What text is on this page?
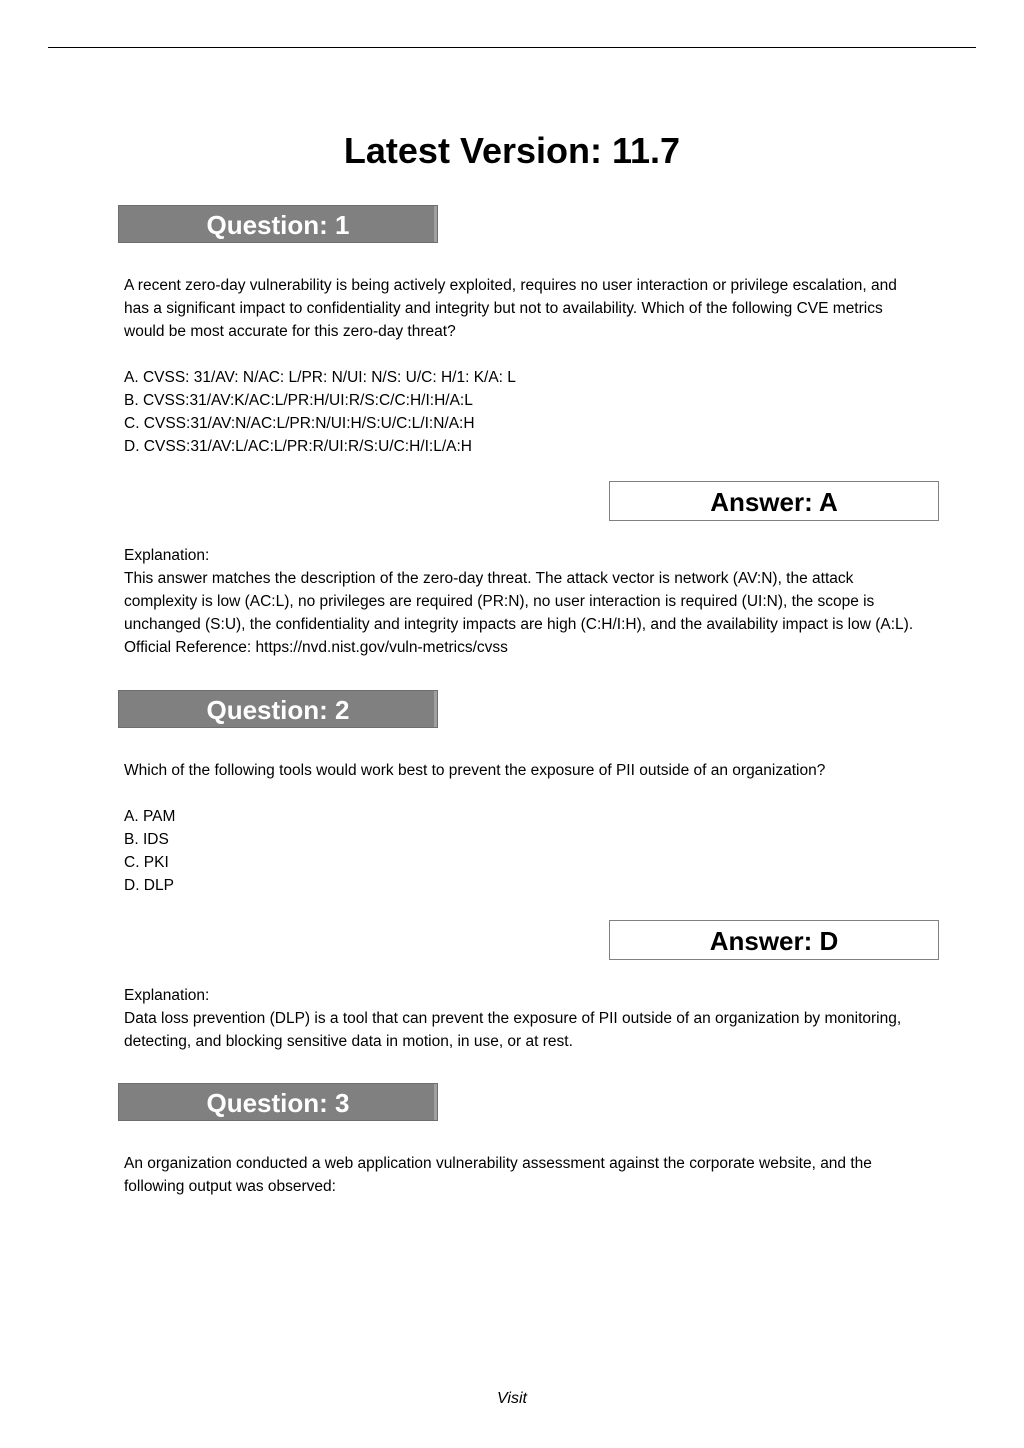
Latest Version: 11.7
Question: 1

A recent zero-day vulnerability is being actively exploited, requires no user interaction or privilege escalation, and has a significant impact to confidentiality and integrity but not to availability. Which of the following CVE metrics would be most accurate for this zero-day threat?

A. CVSS: 31/AV: N/AC: L/PR: N/UI: N/S: U/C: H/1: K/A: L
B. CVSS:31/AV:K/AC:L/PR:H/UI:R/S:C/C:H/I:H/A:L
C. CVSS:31/AV:N/AC:L/PR:N/UI:H/S:U/C:L/I:N/A:H
D. CVSS:31/AV:L/AC:L/PR:R/UI:R/S:U/C:H/I:L/A:H
Answer: A

Explanation:

This answer matches the description of the zero-day threat. The attack vector is network (AV:N), the attack complexity is low (AC:L), no privileges are required (PR:N), no user interaction is required (UI:N), the scope is unchanged (S:U), the confidentiality and integrity impacts are high (C:H/I:H), and the availability impact is low (A:L). Official Reference: https://nvd.nist.gov/vuln-metrics/cvss

Question: 2

Which of the following tools would work best to prevent the exposure of PII outside of an organization?

A. PAM
B. IDS
C. PKI
D. DLP
Answer: D

Explanation:

Data loss prevention (DLP) is a tool that can prevent the exposure of PII outside of an organization by monitoring, detecting, and blocking sensitive data in motion, in use, or at rest.

Question: 3

An organization conducted a web application vulnerability assessment against the corporate website, and the following output was observed:

Visit
